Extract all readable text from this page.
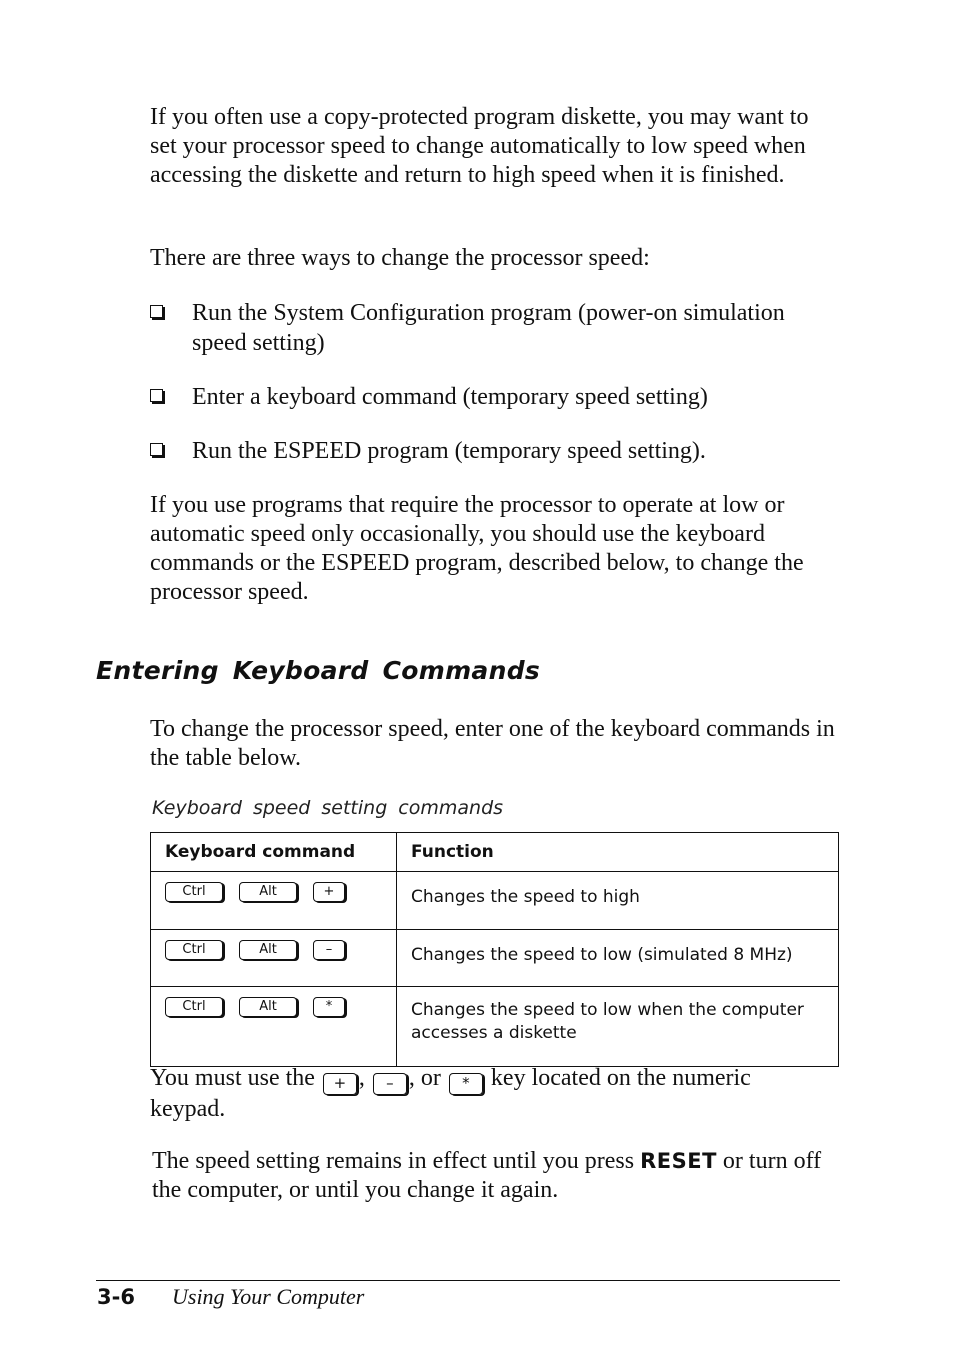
If you often use a copy-protected program diskette, you may want to set your processor speed to change automatically to low speed when accessing the diskette and return to high speed when it is finished.

There are three ways to change the processor speed:

Run the System Configuration program (power-on simulation speed setting)
Enter a keyboard command (temporary speed setting)
Run the ESPEED program (temporary speed setting).

If you use programs that require the processor to operate at low or automatic speed only occasionally, you should use the keyboard commands or the ESPEED program, described below, to change the processor speed.

Entering Keyboard Commands

To change the processor speed, enter one of the keyboard commands in the table below.

Keyboard speed setting commands
Keyboard command	Function
Ctrl Alt +	Changes the speed to high

Ctrl Alt –	Changes the speed to low (simulated 8 MHz)

Ctrl Alt *	Changes the speed to low when the computer accesses a diskette

You must use the + , – , or * key located on the numeric keypad.

The speed setting remains in effect until you press RESET or turn off the computer, or until you change it again.

3-6 Using Your Computer
